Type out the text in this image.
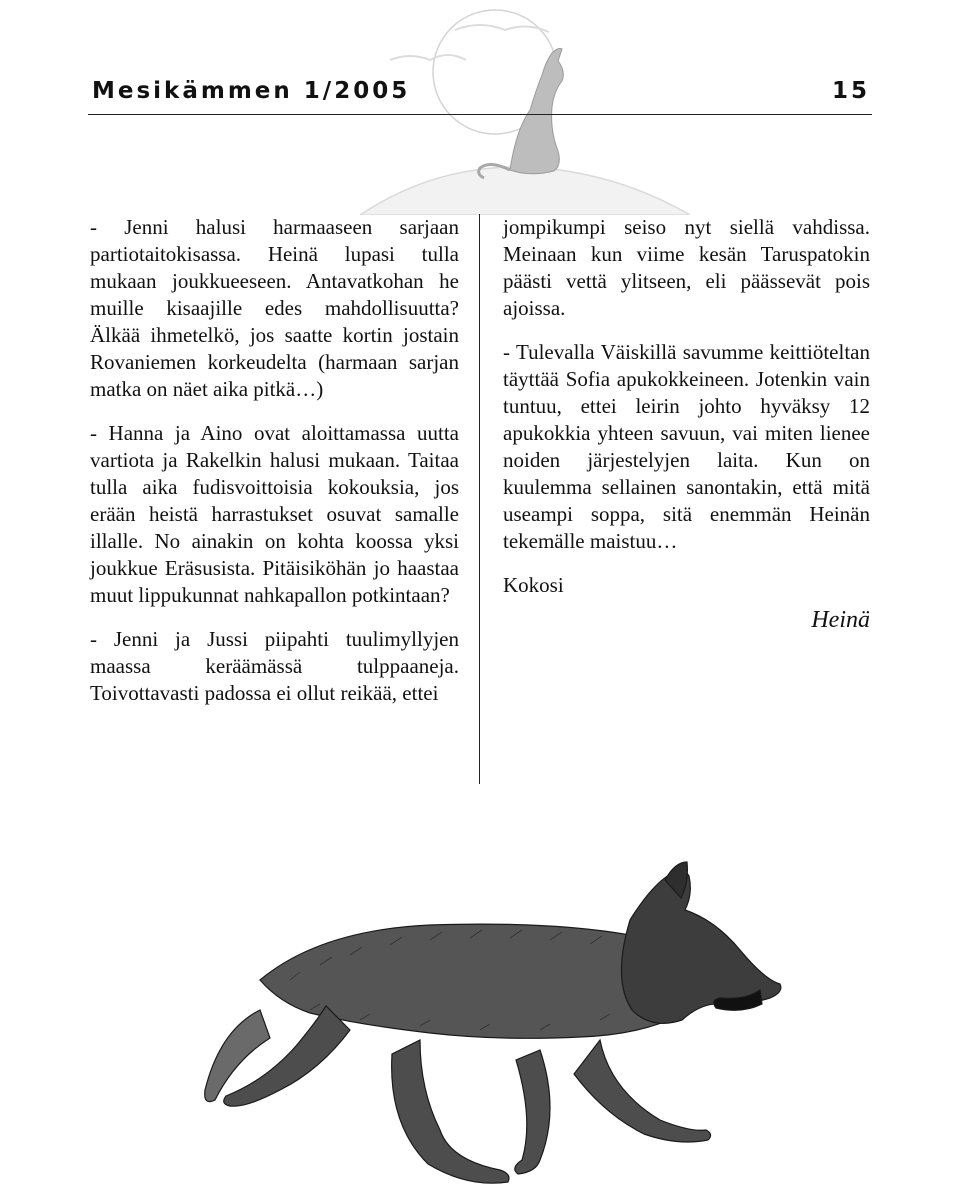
Mesikämmen 1/2005	15

- Jenni halusi harmaaseen sarjaan partiotaitokisassa. Heinä lupasi tulla mukaan joukkueeseen. Antavatkohan he muille kisaajille edes mahdollisuutta? Älkää ihmetelkö, jos saatte kortin jostain Rovaniemen korkeudelta (harmaan sarjan matka on näet aika pitkä…)

- Hanna ja Aino ovat aloittamassa uutta vartiota ja Rakelkin halusi mukaan. Taitaa tulla aika fudisvoittoisia kokouksia, jos erään heistä harrastukset osuvat samalle illalle. No ainakin on kohta koossa yksi joukkue Eräsusista. Pitäisiköhän jo haastaa muut lippukunnat nahkapallon potkintaan?

- Jenni ja Jussi piipahti tuulimyllyjen maassa keräämässä tulppaaneja. Toivottavasti padossa ei ollut reikää, ettei

jompikumpi seiso nyt siellä vahdissa. Meinaan kun viime kesän Taruspatokin päästi vettä ylitseen, eli päässevät pois ajoissa.

- Tulevalla Väiskillä savumme keittiöteltan täyttää Sofia apukokkeineen. Jotenkin vain tuntuu, ettei leirin johto hyväksy 12 apukokkia yhteen savuun, vai miten lienee noiden järjestelyjen laita. Kun on kuulemma sellainen sanontakin, että mitä useampi soppa, sitä enemmän Heinän tekemälle maistuu…

Kokosi

Heinä
